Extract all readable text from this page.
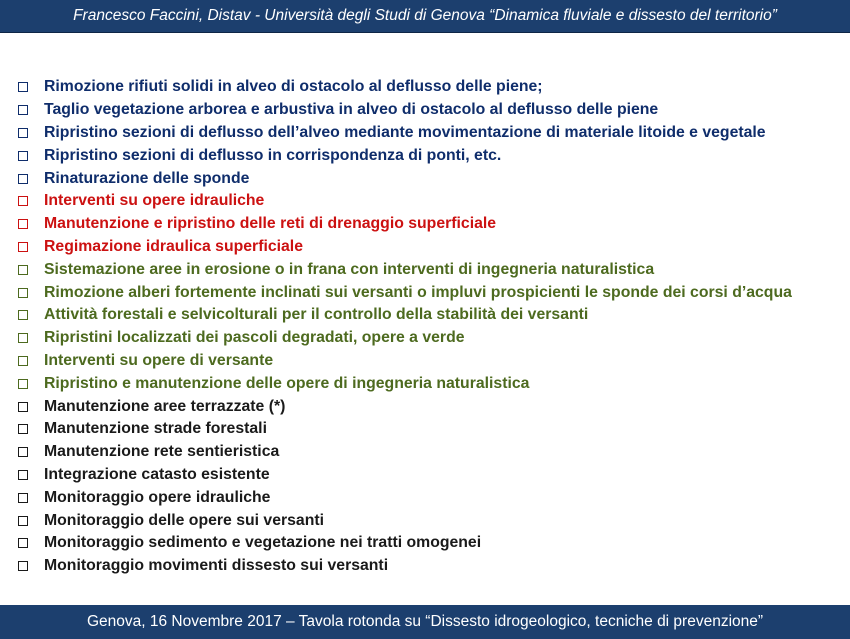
Francesco Faccini, Distav - Università degli Studi di Genova “Dinamica fluviale e dissesto del territorio”
Rimozione rifiuti solidi in alveo di ostacolo al deflusso delle piene;
Taglio vegetazione arborea e arbustiva in alveo di ostacolo al deflusso delle piene
Ripristino sezioni di deflusso dell’alveo mediante movimentazione di materiale litoide e vegetale
Ripristino sezioni di deflusso in corrispondenza di ponti, etc.
Rinaturazione delle sponde
Interventi su opere idrauliche
Manutenzione e ripristino delle reti di drenaggio superficiale
Regimazione idraulica superficiale
Sistemazione aree in erosione o in frana con interventi di ingegneria naturalistica
Rimozione alberi fortemente inclinati sui versanti o impluvi prospicienti le sponde dei corsi d’acqua
Attività forestali e selvicolturali per il controllo della stabilità dei versanti
Ripristini localizzati dei pascoli degradati, opere a verde
Interventi su opere di versante
Ripristino e manutenzione delle opere di ingegneria naturalistica
Manutenzione aree terrazzate (*)
Manutenzione strade forestali
Manutenzione rete sentieristica
Integrazione catasto esistente
Monitoraggio opere idrauliche
Monitoraggio delle opere sui versanti
Monitoraggio sedimento e vegetazione nei tratti omogenei
Monitoraggio movimenti dissesto sui versanti
Genova, 16 Novembre 2017 – Tavola rotonda su “Dissesto idrogeologico, tecniche di prevenzione”
